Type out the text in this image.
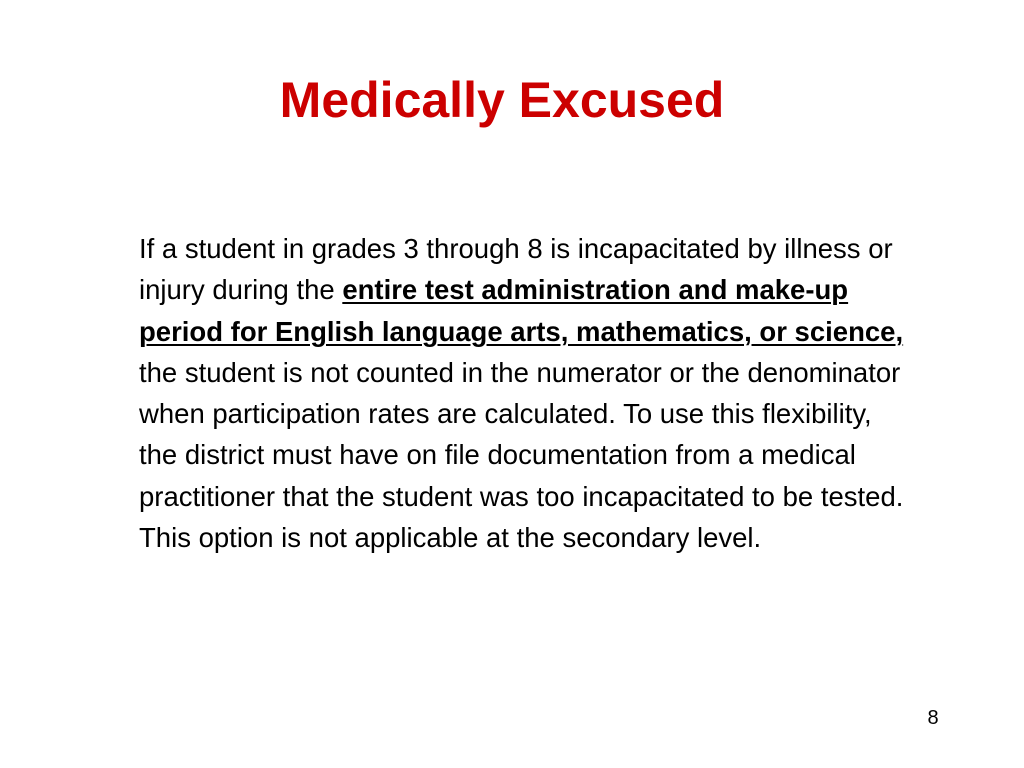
Medically Excused

If a student in grades 3 through 8 is incapacitated by illness or injury during the entire test administration and make-up period for English language arts, mathematics, or science, the student is not counted in the numerator or the denominator when participation rates are calculated. To use this flexibility, the district must have on file documentation from a medical practitioner that the student was too incapacitated to be tested. This option is not applicable at the secondary level.

8
